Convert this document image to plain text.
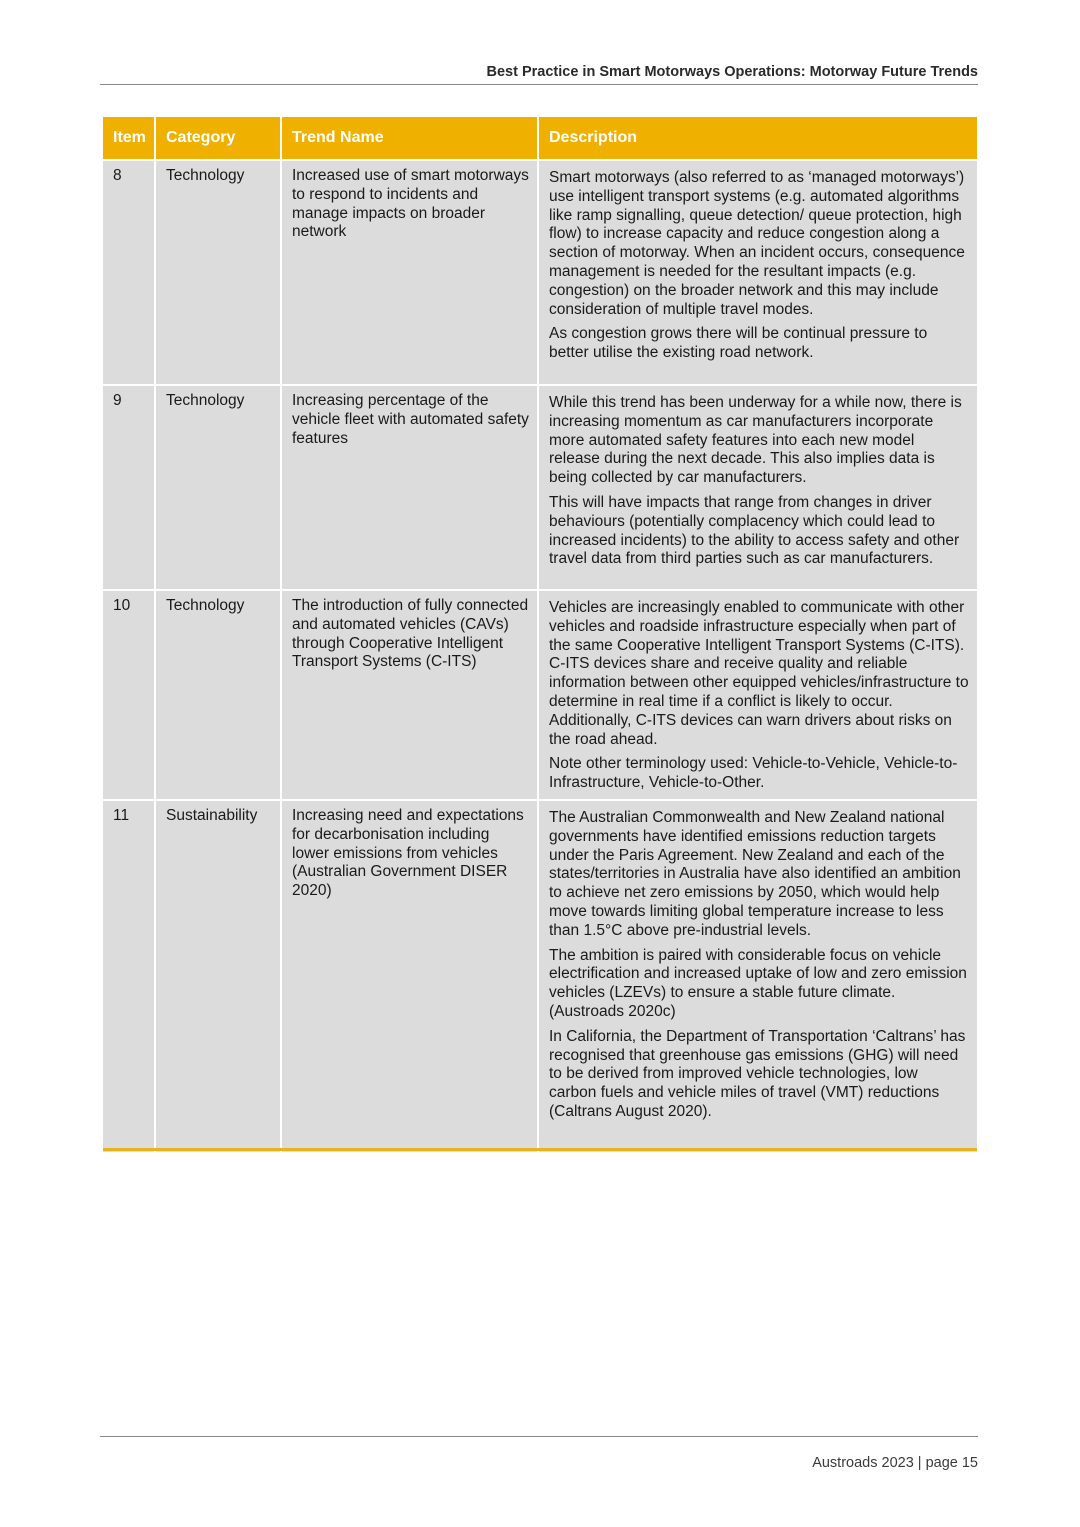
Best Practice in Smart Motorways Operations: Motorway Future Trends
Item	Category	Trend Name	Description
8	Technology	Increased use of smart motorways to respond to incidents and manage impacts on broader network	Smart motorways (also referred to as ‘managed motorways’) use intelligent transport systems (e.g. automated algorithms like ramp signalling, queue detection/ queue protection, high flow) to increase capacity and reduce congestion along a section of motorway. When an incident occurs, consequence management is needed for the resultant impacts (e.g. congestion) on the broader network and this may include consideration of multiple travel modes.

As congestion grows there will be continual pressure to better utilise the existing road network.

9	Technology	Increasing percentage of the vehicle fleet with automated safety features	While this trend has been underway for a while now, there is increasing momentum as car manufacturers incorporate more automated safety features into each new model release during the next decade. This also implies data is being collected by car manufacturers.

This will have impacts that range from changes in driver behaviours (potentially complacency which could lead to increased incidents) to the ability to access safety and other travel data from third parties such as car manufacturers.

10	Technology	The introduction of fully connected and automated vehicles (CAVs) through Cooperative Intelligent Transport Systems (C-ITS)	Vehicles are increasingly enabled to communicate with other vehicles and roadside infrastructure especially when part of the same Cooperative Intelligent Transport Systems (C-ITS). C-ITS devices share and receive quality and reliable information between other equipped vehicles/infrastructure to determine in real time if a conflict is likely to occur. Additionally, C-ITS devices can warn drivers about risks on the road ahead.

Note other terminology used: Vehicle-to-Vehicle, Vehicle-to-Infrastructure, Vehicle-to-Other.

11	Sustainability	Increasing need and expectations for decarbonisation including lower emissions from vehicles (Australian Government DISER 2020)	The Australian Commonwealth and New Zealand national governments have identified emissions reduction targets under the Paris Agreement. New Zealand and each of the states/territories in Australia have also identified an ambition to achieve net zero emissions by 2050, which would help move towards limiting global temperature increase to less than 1.5°C above pre-industrial levels.

The ambition is paired with considerable focus on vehicle electrification and increased uptake of low and zero emission vehicles (LZEVs) to ensure a stable future climate. (Austroads 2020c)

In California, the Department of Transportation ‘Caltrans’ has recognised that greenhouse gas emissions (GHG) will need to be derived from improved vehicle technologies, low carbon fuels and vehicle miles of travel (VMT) reductions (Caltrans August 2020).

Austroads 2023 | page 15
